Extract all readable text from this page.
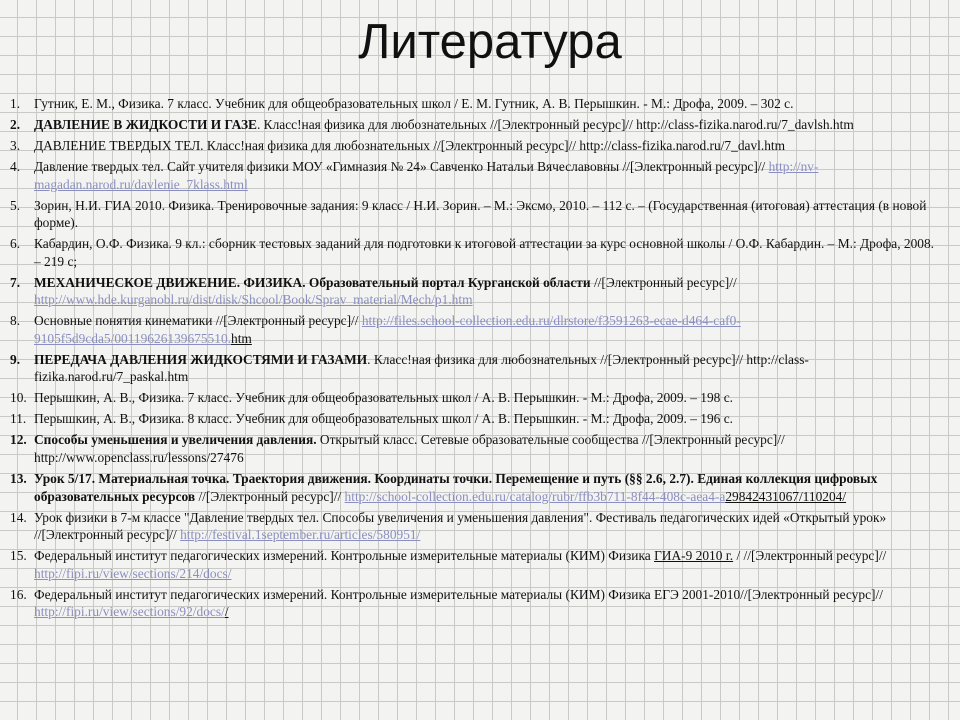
Литература
1.	Гутник, Е. М., Физика. 7 класс. Учебник для общеобразовательных школ / Е. М. Гутник, А. В. Перышкин. - М.: Дрофа, 2009. – 302 с.
2.	ДАВЛЕНИЕ В ЖИДКОСТИ И ГАЗЕ. Класс!ная физика для любознательных //[Электронный ресурс]// http://class-fizika.narod.ru/7_davlsh.htm
3.	ДАВЛЕНИЕ ТВЕРДЫХ ТЕЛ. Класс!ная физика для любознательных //[Электронный ресурс]// http://class-fizika.narod.ru/7_davl.htm
4.	Давление твердых тел. Сайт учителя физики МОУ «Гимназия № 24» Савченко Натальи Вячеславовны //[Электронный ресурс]// http://nv-magadan.narod.ru/davlenie_7klass.html
5.	Зорин, Н.И. ГИА 2010. Физика. Тренировочные задания: 9 класс / Н.И. Зорин. – М.: Эксмо, 2010. – 112 с. – (Государственная (итоговая) аттестация (в новой форме).
6.	Кабардин, О.Ф. Физика. 9 кл.: сборник тестовых заданий для подготовки к итоговой аттестации за курс основной школы / О.Ф. Кабардин. – М.: Дрофа, 2008. – 219 с;
7.	МЕХАНИЧЕСКОЕ ДВИЖЕНИЕ. ФИЗИКА. Образовательный портал Курганской области //[Электронный ресурс]// http://www.hde.kurganobl.ru/dist/disk/Shcool/Book/Sprav_material/Mech/p1.htm
8.	Основные понятия кинематики //[Электронный ресурс]// http://files.school-collection.edu.ru/dlrstore/f3591263-ecae-d464-caf0-9105f5d9cda5/00119626139675510.htm
9.	ПЕРЕДАЧА ДАВЛЕНИЯ ЖИДКОСТЯМИ И ГАЗАМИ. Класс!ная физика для любознательных //[Электронный ресурс]// http://class-fizika.narod.ru/7_paskal.htm
10. Перышкин, А. В., Физика. 7 класс. Учебник для общеобразовательных школ / А. В. Перышкин. - М.: Дрофа, 2009. – 198 с.
11. Перышкин, А. В., Физика. 8 класс. Учебник для общеобразовательных школ / А. В. Перышкин. - М.: Дрофа, 2009. – 196 с.
12. Способы уменьшения и увеличения давления. Открытый класс. Сетевые образовательные сообщества //[Электронный ресурс]// http://www.openclass.ru/lessons/27476
13. Урок 5/17. Материальная точка. Траектория движения. Координаты точки. Перемещение и путь (§§ 2.6, 2.7). Единая коллекция цифровых образовательных ресурсов //[Электронный ресурс]// http://school-collection.edu.ru/catalog/rubr/ffb3b711-8f44-408c-aea4-a29842431067/110204/
14. Урок физики в 7-м классе "Давление твердых тел. Способы увеличения и уменьшения давления". Фестиваль педагогических идей «Открытый урок» //[Электронный ресурс]// http://festival.1september.ru/articles/580951/
15. Федеральный институт педагогических измерений. Контрольные измерительные материалы (КИМ) Физика ГИА-9 2010 г. / //[Электронный ресурс]// http://fipi.ru/view/sections/214/docs/
16. Федеральный институт педагогических измерений. Контрольные измерительные материалы (КИМ) Физика ЕГЭ 2001-2010//[Электронный ресурс]// http://fipi.ru/view/sections/92/docs//
